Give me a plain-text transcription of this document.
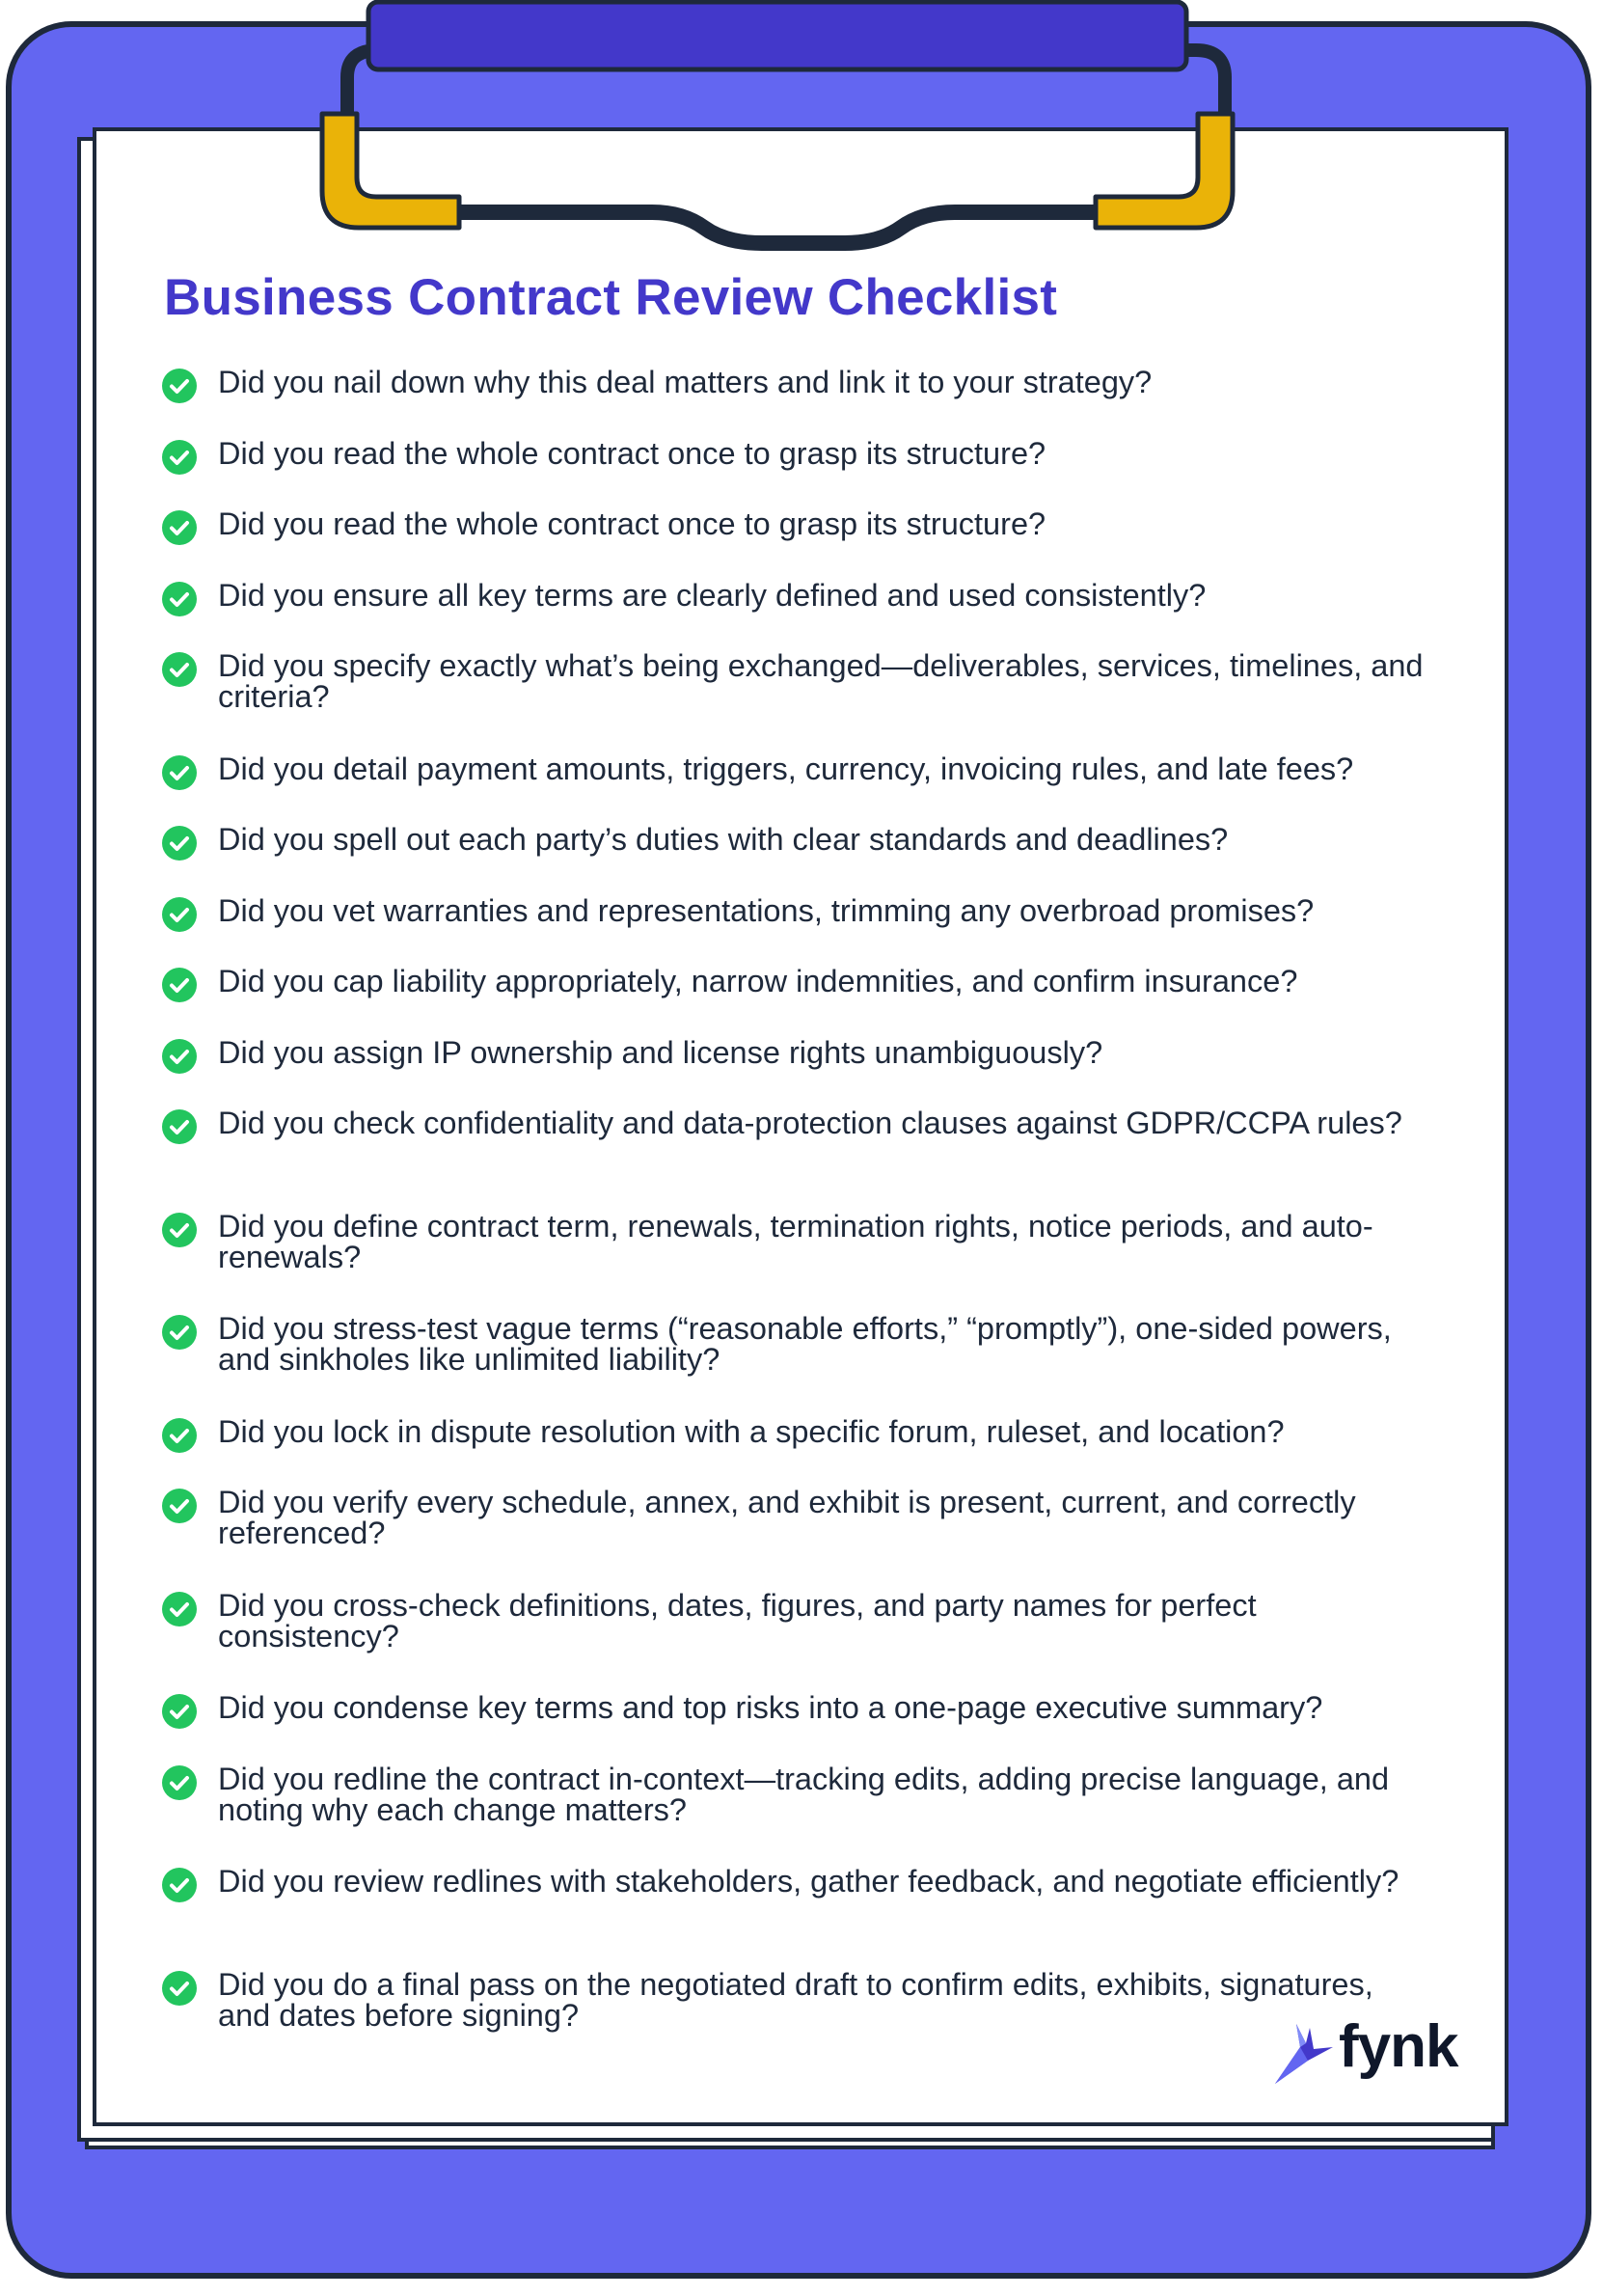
Business Contract Review Checklist
Did you nail down why this deal matters and link it to your strategy?
Did you read the whole contract once to grasp its structure?
Did you read the whole contract once to grasp its structure?
Did you ensure all key terms are clearly defined and used consistently?
Did you specify exactly what’s being exchanged—deliverables, services, timelines, and criteria?
Did you detail payment amounts, triggers, currency, invoicing rules, and late fees?
Did you spell out each party’s duties with clear standards and deadlines?
Did you vet warranties and representations, trimming any overbroad promises?
Did you cap liability appropriately, narrow indemnities, and confirm insurance?
Did you assign IP ownership and license rights unambiguously?
Did you check confidentiality and data-protection clauses against GDPR/CCPA rules?
Did you define contract term, renewals, termination rights, notice periods, and auto-renewals?
Did you stress-test vague terms (“reasonable efforts,” “promptly”), one-sided powers, and sinkholes like unlimited liability?
Did you lock in dispute resolution with a specific forum, ruleset, and location?
Did you verify every schedule, annex, and exhibit is present, current, and correctly referenced?
Did you cross-check definitions, dates, figures, and party names for perfect consistency?
Did you condense key terms and top risks into a one-page executive summary?
Did you redline the contract in-context—tracking edits, adding precise language, and noting why each change matters?
Did you review redlines with stakeholders, gather feedback, and negotiate efficiently?
Did you do a final pass on the negotiated draft to confirm edits, exhibits, signatures, and dates before signing?	fynk
